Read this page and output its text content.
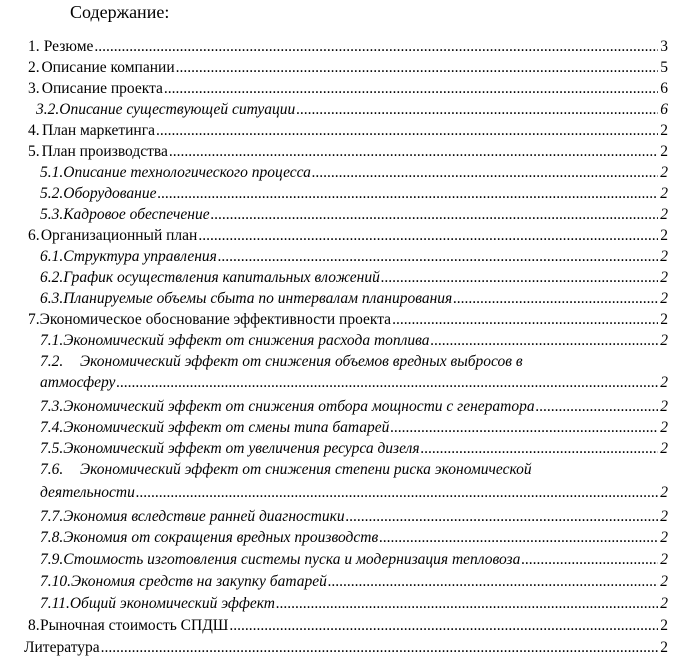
Содержание:
1. Резюме .....	3
2. Описание компании .....	5
3. Описание проекта .....	6
3.2. Описание существующей ситуации .....	6
4. План маркетинга .....	2
5. План производства .....	2
5.1. Описание технологического процесса .....	2
5.2. Оборудование .....	2
5.3. Кадровое обеспечение .....	2
6. Организационный план .....	2
6.1. Структура управления .....	2
6.2. График осуществления капитальных вложений .....	2
6.3. Планируемые объемы сбыта по интервалам планирования .....	2
7. Экономическое обоснование эффективности проекта .....	2
7.1. Экономический эффект от снижения расхода топлива .....	2
7.2.	Экономический эффект от снижения объемов вредных выбросов в
атмосферу .....	2
7.3. Экономический эффект от снижения отбора мощности с генератора .....	2
7.4. Экономический эффект от смены типа батарей .....	2
7.5. Экономический эффект от увеличения ресурса дизеля .....	2
7.6.	Экономический эффект от снижения степени риска экономической
деятельности .....	2
7.7. Экономия вследствие ранней диагностики .....	2
7.8. Экономия от сокращения вредных производств .....	2
7.9. Стоимость изготовления системы пуска и модернизация тепловоза .....	2
7.10. Экономия средств на закупку батарей .....	2
7.11. Общий экономический эффект .....	2
8. Рыночная стоимость СПДШ .....	2
Литература .....	2
